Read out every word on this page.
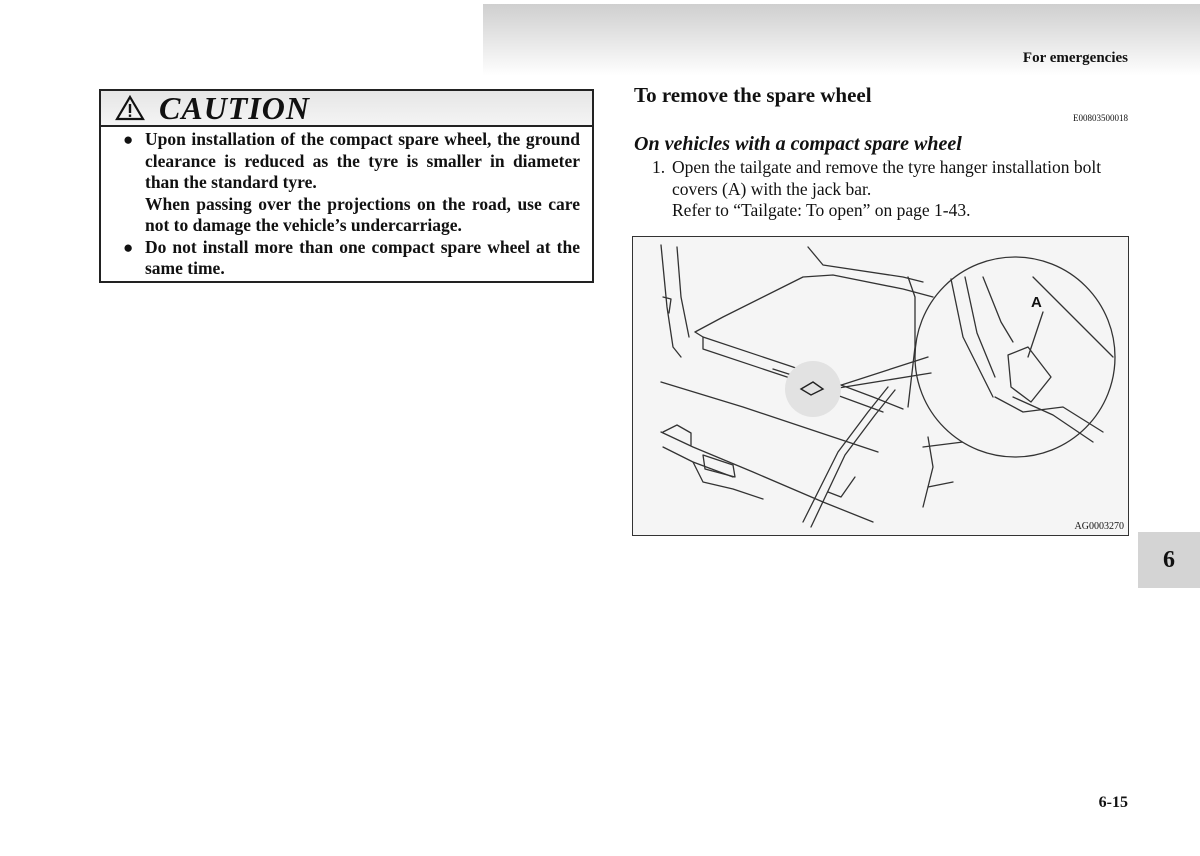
For emergencies
CAUTION
● Upon installation of the compact spare wheel, the ground clearance is reduced as the tyre is smaller in diameter than the standard tyre.

When passing over the projections on the road, use care not to damage the vehicle’s undercarriage.

● Do not install more than one compact spare wheel at the same time.

To remove the spare wheel
E00803500018
On vehicles with a compact spare wheel
1. Open the tailgate and remove the tyre hanger installation bolt covers (A) with the jack bar.

Refer to “Tailgate: To open” on page 1-43.

A
AG0003270
6
6-15
